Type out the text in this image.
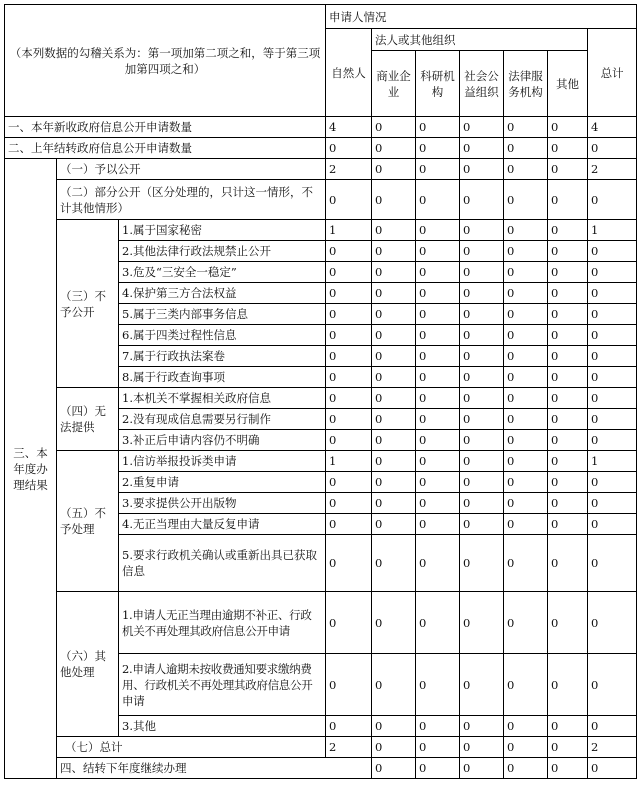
（本列数据的勾稽关系为：第一项加第二项之和，等于第三项加第四项之和）			申请人情况							
			自然人	法人或其他组织					总计	
				商业企业	科研机构	社会公益组织	法律服务机构	其他		
一、本年新收政府信息公开申请数量			4	0	0	0	0	0	4	
二、上年结转政府信息公开申请数量			0	0	0	0	0	0	0	
三、本年度办理结果	（一）予以公开		2	0	0	0	0	0	2	
	（二）部分公开（区分处理的，只计这一情形，不计其他情形）		0	0	0	0	0	0	0	
	（三）不予公开	1.属于国家秘密	1	0	0	0	0	0	1	
		2.其他法律行政法规禁止公开	0	0	0	0	0	0	0	
		3.危及“三安全一稳定”	0	0	0	0	0	0	0	
		4.保护第三方合法权益	0	0	0	0	0	0	0	
		5.属于三类内部事务信息	0	0	0	0	0	0	0	
		6.属于四类过程性信息	0	0	0	0	0	0	0	
		7.属于行政执法案卷	0	0	0	0	0	0	0	
		8.属于行政查询事项	0	0	0	0	0	0	0	
	（四）无法提供	1.本机关不掌握相关政府信息	0	0	0	0	0	0	0	
		2.没有现成信息需要另行制作	0	0	0	0	0	0	0	
		3.补正后申请内容仍不明确	0	0	0	0	0	0	0	
	（五）不予处理	1.信访举报投诉类申请	1	0	0	0	0	0	1	
		2.重复申请	0	0	0	0	0	0	0	
		3.要求提供公开出版物	0	0	0	0	0	0	0	
		4.无正当理由大量反复申请	0	0	0	0	0	0	0	
		5.要求行政机关确认或重新出具已获取信息	0	0	0	0	0	0	0	
	（六）其他处理	1.申请人无正当理由逾期不补正、行政机关不再处理其政府信息公开申请	0	0	0	0	0	0	0	
		2.申请人逾期未按收费通知要求缴纳费用、行政机关不再处理其政府信息公开申请	0	0	0	0	0	0	0	
		3.其他	0	0	0	0	0	0	0	
	（七）总计		2	0	0	0	0	0	2	
	四、结转下年度继续办理			0	0	0	0	0	0	
